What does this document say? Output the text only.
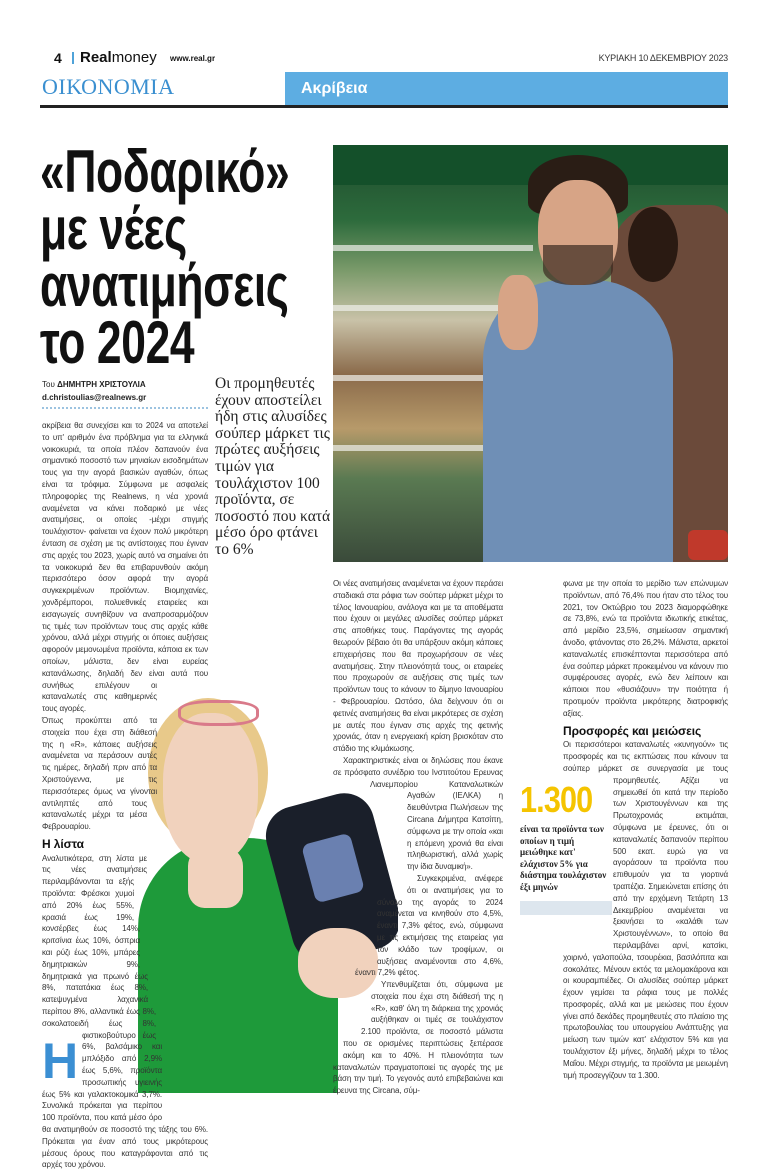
4 Realmoney www.real.gr	ΚΥΡΙΑΚΗ 10 ΔΕΚΕΜΒΡΙΟΥ 2023
ΟΙΚΟΝΟΜΙΑ	Ακρίβεια
«Ποδαρικό»
με νέες
ανατιμήσεις
το 2024
Του ΔΗΜΗΤΡΗ ΧΡΙΣΤΟΥΛΙΑ
d.christoulias@realnews.gr
Οι προμηθευτές έχουν αποστείλει ήδη στις αλυσίδες σούπερ μάρκετ τις πρώτες αυξήσεις τιμών για τουλάχιστον 100 προϊόντα, σε ποσοστό που κατά μέσο όρο φτάνει το 6%

Η
ακρίβεια θα συνεχίσει και το 2024 να αποτελεί το υπ' αριθμόν ένα πρόβλημα για τα ελληνικά νοικοκυριά, τα οποία πλέον δαπανούν ένα σημαντικό ποσοστό των μηνιαίων εισοδημάτων τους για την αγορά βασικών αγαθών, όπως είναι τα τρόφιμα. Σύμφωνα με ασφαλείς πληροφορίες της Realnews, η νέα χρονιά αναμένεται να κάνει ποδαρικό με νέες ανατιμήσεις, οι οποίες -μέχρι στιγμής τουλάχιστον- φαίνεται να έχουν πολύ μικρότερη ένταση σε σχέση με τις αντίστοιχες που έγιναν στις αρχές του 2023, χωρίς αυτό να σημαίνει ότι τα νοικοκυριά δεν θα επιβαρυνθούν ακόμη περισσότερο όσον αφορά την αγορά συγκεκριμένων προϊόντων. Βιομηχανίες, χονδρέμποροι, πολυεθνικές εταιρείες και εισαγωγείς συνηθίζουν να αναπροσαρμόζουν τις τιμές των προϊόντων τους στις αρχές κάθε χρόνου, αλλά μέχρι στιγμής οι όποιες αυξήσεις αφορούν μεμονωμένα προϊόντα, κάποια εκ των οποίων, μάλιστα, δεν είναι ευρείας κατανάλωσης, δηλαδή δεν είναι αυτά που συνήθως επιλέγουν οι καταναλωτές στις καθημερινές τους αγορές.

Όπως προκύπτει από τα στοιχεία που έχει στη διάθεσή της η «R», κάποιες αυξήσεις αναμένεται να περάσουν αυτές τις ημέρες, δηλαδή πριν από τα Χριστούγεννα, με τις περισσότερες όμως να γίνονται αντιληπτές από τους καταναλωτές μέχρι τα μέσα Φεβρουαρίου.

Η λίστα

Αναλυτικότερα, στη λίστα με τις νέες ανατιμήσεις περιλαμβάνονται τα εξής προϊόντα: Φρέσκοι χυμοί από 20% έως 55%, κρασιά έως 19%, κονσέρβες έως 14%, κριτσίνια έως 10%, όσπρια και ρύζι έως 10%, μπάρες δημητριακών 9%, δημητριακά για πρωινό έως 8%, πατατάκια έως 8%, κατεψυγμένα λαχανικά περίπου 8%, αλλαντικά έως 8%, σοκολατοειδή έως 8%, φιστικοβούτυρο έως 6%, βαλσάμικο και μπλόξιδο από 2,9% έως 5,6%, προϊόντα προσωπικής υγιεινής έως 5% και γαλακτοκομικά 3,7%. Συνολικά πρόκειται για περίπου 100 προϊόντα, που κατά μέσο όρο θα ανατιμηθούν σε ποσοστό της τάξης του 6%. Πρόκειται για έναν από τους μικρότερους μέσους όρους που καταγράφονται από τις αρχές του χρόνου.

Οι νέες ανατιμήσεις αναμένεται να έχουν περάσει σταδιακά στα ράφια των σούπερ μάρκετ μέχρι το τέλος Ιανουαρίου, ανάλογα και με τα αποθέματα που έχουν οι μεγάλες αλυσίδες σούπερ μάρκετ στις αποθήκες τους. Παράγοντες της αγοράς θεωρούν βέβαιο ότι θα υπάρξουν ακόμη κάποιες επιχειρήσεις που θα προχωρήσουν σε νέες ανατιμήσεις. Στην πλειονότητά τους, οι εταιρείες που προχωρούν σε αυξήσεις στις τιμές των προϊόντων τους το κάνουν το δίμηνο Ιανουαρίου - Φεβρουαρίου. Ωστόσο, όλα δείχνουν ότι οι φετινές ανατιμήσεις θα είναι μικρότερες σε σχέση με αυτές που έγιναν στις αρχές της φετινής χρονιάς, όταν η ενεργειακή κρίση βρισκόταν στο στάδιο της κλιμάκωσης.

Χαρακτηριστικές είναι οι δηλώσεις που έκανε σε πρόσφατο συνέδριο του Ινστιτούτου Ερευνας Λιανεμπορίου Καταναλωτικών Αγαθών (ΙΕΛΚΑ) η διευθύντρια Πωλήσεων της Circana Δήμητρα Κατσίπη, σύμφωνα με την οποία «και η επόμενη χρονιά θα είναι πληθωριστική, αλλά χωρίς την ίδια δυναμική».

Συγκεκριμένα, ανέφερε ότι οι ανατιμήσεις για το σύνολο της αγοράς το 2024 αναμένεται να κινηθούν στο 4,5%, έναντι 7,3% φέτος, ενώ, σύμφωνα με τις εκτιμήσεις της εταιρείας για τον κλάδο των τροφίμων, οι αυξήσεις αναμένονται στο 4,6%, έναντι 7,2% φέτος.

Υπενθυμίζεται ότι, σύμφωνα με στοιχεία που έχει στη διάθεσή της η «R», καθ' όλη τη διάρκεια της χρονιάς αυξήθηκαν οι τιμές σε τουλάχιστον 2.100 προϊόντα, σε ποσοστό μάλιστα που σε ορισμένες περιπτώσεις ξεπέρασε ακόμη και το 40%. Η πλειονότητα των καταναλωτών πραγματοποιεί τις αγορές της με βάση την τιμή. Το γεγονός αυτό επιβεβαιώνει και έρευνα της Circana, σύμ-

φωνα με την οποία το μερίδιο των επώνυμων προϊόντων, από 76,4% που ήταν στο τέλος του 2021, τον Οκτώβριο του 2023 διαμορφώθηκε σε 73,8%, ενώ τα προϊόντα ιδιωτικής ετικέτας, από μερίδιο 23,5%, σημείωσαν σημαντική άνοδο, φτάνοντας στο 26,2%. Μάλιστα, αρκετοί καταναλωτές επισκέπτονται περισσότερα από ένα σούπερ μάρκετ προκειμένου να κάνουν πιο συμφέρουσες αγορές, ενώ δεν λείπουν και κάποιοι που «θυσιάζουν» την ποιότητα ή προτιμούν προϊόντα μικρότερης διατροφικής αξίας.

Προσφορές και μειώσεις

Οι περισσότεροι καταναλωτές «κυνηγούν» τις προσφορές και τις εκπτώσεις που κάνουν τα σούπερ μάρκετ σε συνεργασία με τους προμηθευτές. Αξίζει να σημειωθεί ότι κατά την περίοδο των Χριστουγέννων και της Πρωτοχρονιάς εκτιμάται, σύμφωνα με έρευνες, ότι οι καταναλωτές δαπανούν περίπου 500 εκατ. ευρώ για να αγοράσουν τα προϊόντα που επιθυμούν για τα γιορτινά τραπέζια. Σημειώνεται επίσης ότι από την ερχόμενη Τετάρτη 13 Δεκεμβρίου αναμένεται να ξεκινήσει το «καλάθι των Χριστουγέννων», το οποίο θα περιλαμβάνει αρνί, κατσίκι, χοιρινό, γαλοπούλα, τσουρέκια, βασιλόπιτα και σοκολάτες. Μένουν εκτός τα μελομακάρονα και οι κουραμπιέδες. Οι αλυσίδες σούπερ μάρκετ έχουν γεμίσει τα ράφια τους με πολλές προσφορές, αλλά και με μειώσεις που έχουν γίνει από δεκάδες προμηθευτές στο πλαίσιο της πρωτοβουλίας του υπουργείου Ανάπτυξης για μείωση των τιμών κατ' ελάχιστον 5% και για τουλάχιστον έξι μήνες, δηλαδή μέχρι το τέλος Μαΐου. Μέχρι στιγμής, τα προϊόντα με μειωμένη τιμή προσεγγίζουν τα 1.300.

1.300
είναι τα προϊόντα των οποίων η τιμή μειώθηκε κατ' ελάχιστον 5% για διάστημα τουλάχιστον έξι μηνών
